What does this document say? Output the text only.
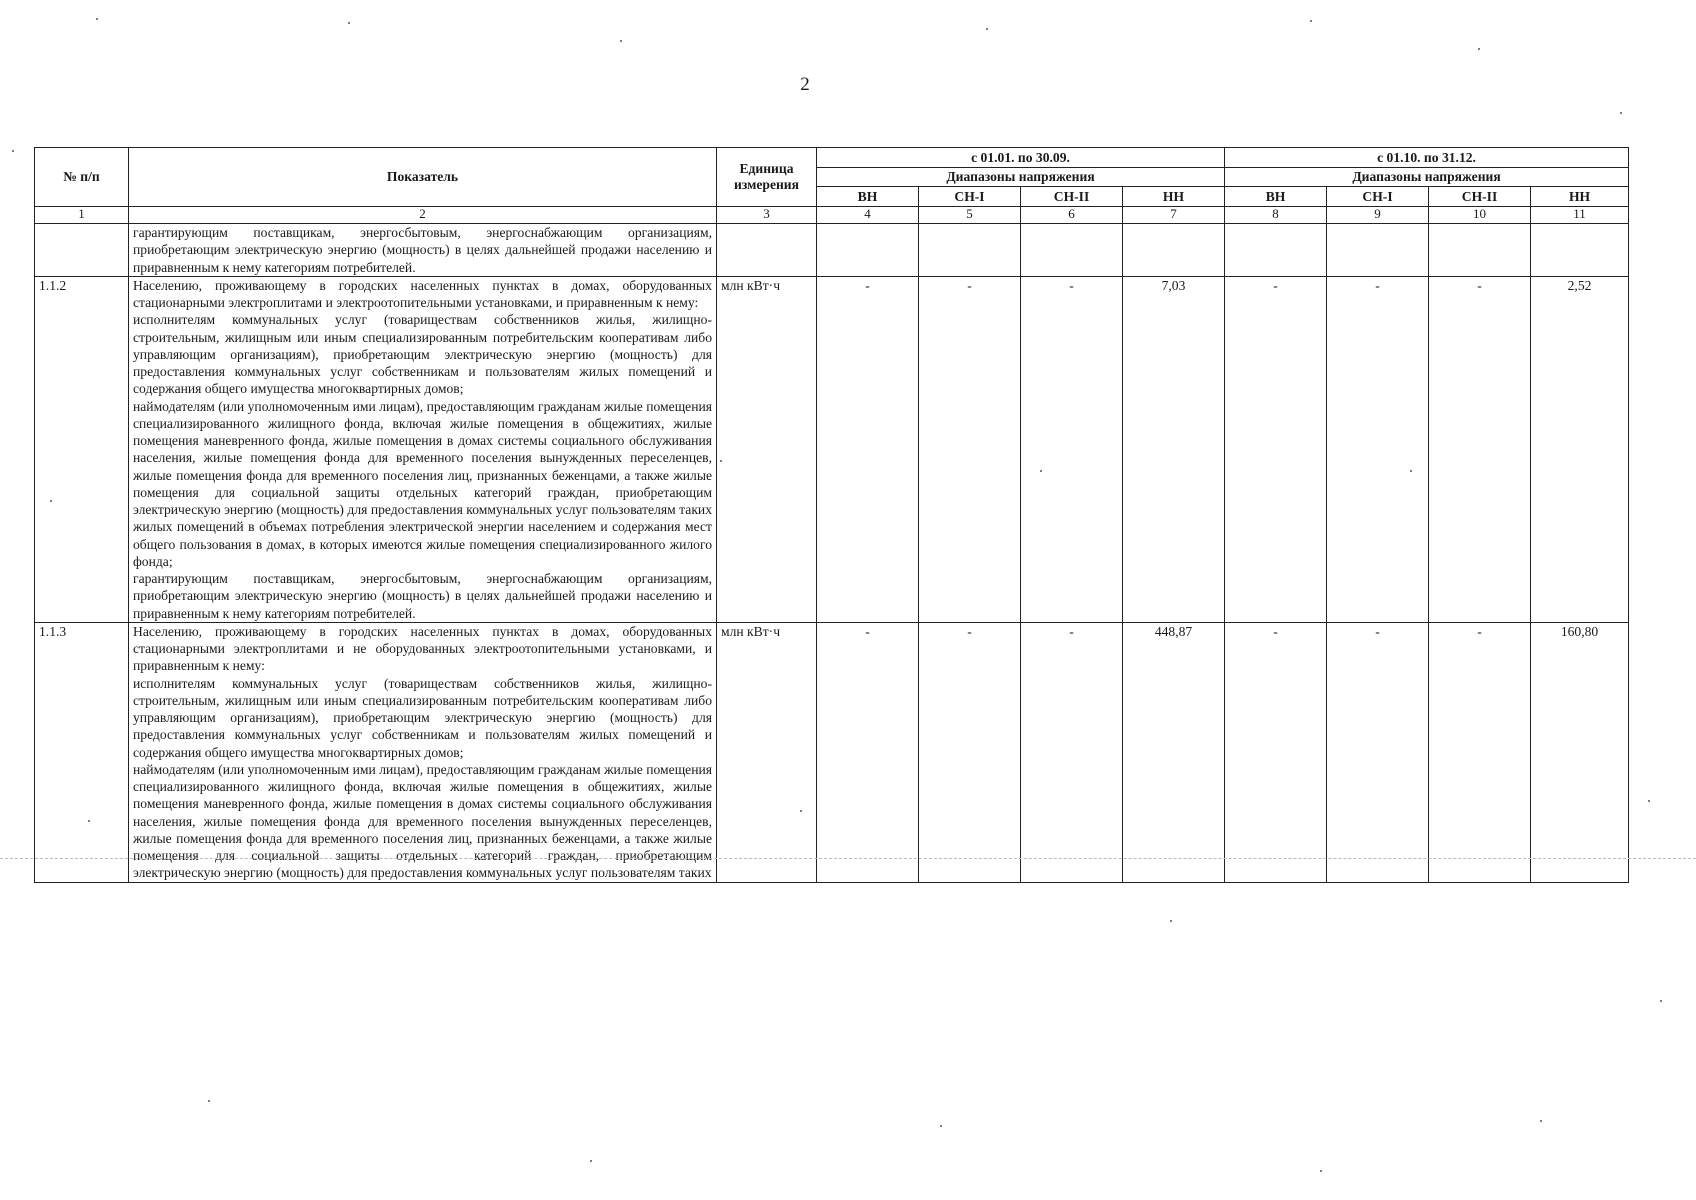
2
№ п/п	Показатель	Единица измерения	с 01.01. по 30.09.				с 01.10. по 31.12.			
			Диапазоны напряжения				Диапазоны напряжения			
			ВН	СН-I	СН-II	НН	ВН	СН-I	СН-II	НН
1	2	3	4	5	6	7	8	9	10	11

	гарантирующим поставщикам, энергосбытовым, энергоснабжающим организациям, приобретающим электрическую энергию (мощность) в целях дальнейшей продажи населению и приравненным к нему категориям потребителей.									

1.1.2	Населению, проживающему в городских населенных пунктах в домах, оборудованных стационарными электроплитами и электроотопительными установками, и приравненным к нему:

исполнителям коммунальных услуг (товариществам собственников жилья, жилищно-строительным, жилищным или иным специализированным потребительским кооперативам либо управляющим организациям), приобретающим электрическую энергию (мощность) для предоставления коммунальных услуг собственникам и пользователям жилых помещений и содержания общего имущества многоквартирных домов;

наймодателям (или уполномоченным ими лицам), предоставляющим гражданам жилые помещения специализированного жилищного фонда, включая жилые помещения в общежитиях, жилые помещения маневренного фонда, жилые помещения в домах системы социального обслуживания населения, жилые помещения фонда для временного поселения вынужденных переселенцев, жилые помещения фонда для временного поселения лиц, признанных беженцами, а также жилые помещения для социальной защиты отдельных категорий граждан, приобретающим электрическую энергию (мощность) для предоставления коммунальных услуг пользователям таких жилых помещений в объемах потребления электрической энергии населением и содержания мест общего пользования в домах, в которых имеются жилые помещения специализированного жилого фонда;

гарантирующим поставщикам, энергосбытовым, энергоснабжающим организациям, приобретающим электрическую энергию (мощность) в целях дальнейшей продажи населению и приравненным к нему категориям потребителей.	млн кВт·ч	-	-	-	7,03	-	-	-	2,52
1.1.3	Населению, проживающему в городских населенных пунктах в домах, оборудованных стационарными электроплитами и не оборудованных электроотопительными установками, и приравненным к нему:

исполнителям коммунальных услуг (товариществам собственников жилья, жилищно-строительным, жилищным или иным специализированным потребительским кооперативам либо управляющим организациям), приобретающим электрическую энергию (мощность) для предоставления коммунальных услуг собственникам и пользователям жилых помещений и содержания общего имущества многоквартирных домов;

наймодателям (или уполномоченным ими лицам), предоставляющим гражданам жилые помещения специализированного жилищного фонда, включая жилые помещения в общежитиях, жилые помещения маневренного фонда, жилые помещения в домах системы социального обслуживания населения, жилые помещения фонда для временного поселения вынужденных переселенцев, жилые помещения фонда для временного поселения лиц, признанных беженцами, а также жилые помещения для социальной защиты отдельных категорий граждан, приобретающим электрическую энергию (мощность) для предоставления коммунальных услуг пользователям таких	млн кВт·ч	-	-	-	448,87	-	-	-	160,80
